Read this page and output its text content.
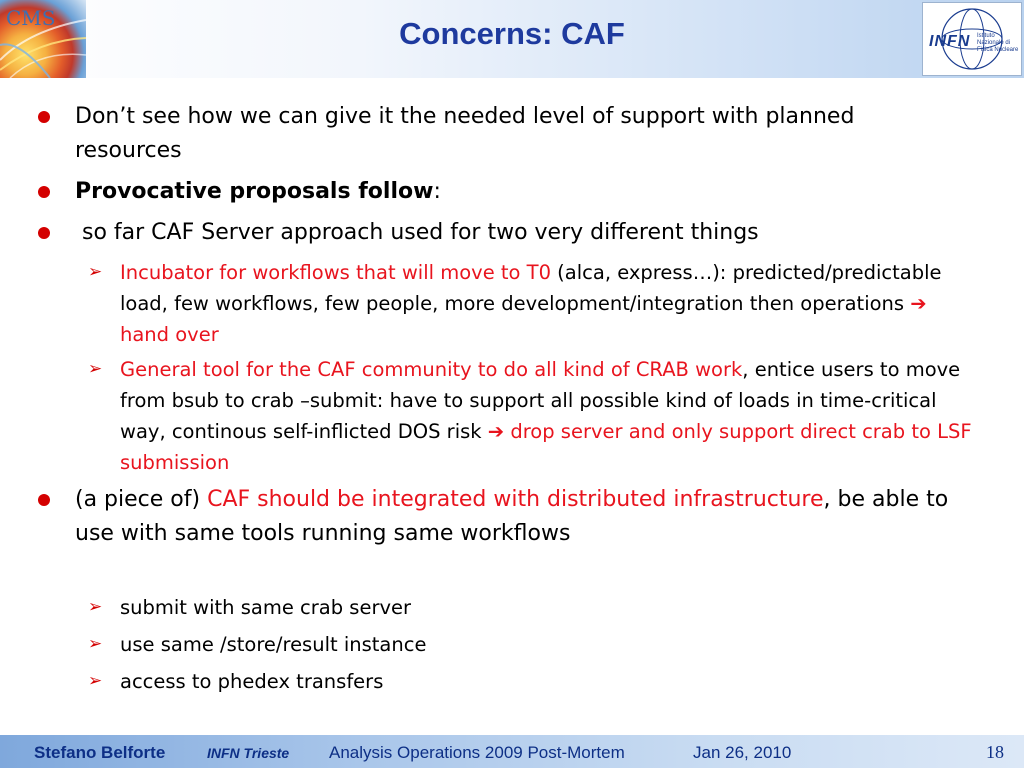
CMS	Concerns: CAF	INFN Istituto Nazionale di Fisica Nucleare
Don’t see how we can give it the needed level of support with planned resources
Provocative proposals follow:
so far CAF Server approach used for two very different things
➢ Incubator for workflows that will move to T0 (alca, express…): predicted/predictable load, few workflows, few people, more development/integration then operations ➔ hand over
➢ General tool for the CAF community to do all kind of CRAB work, entice users to move from bsub to crab –submit: have to support all possible kind of loads in time-critical way, continous self-inflicted DOS risk ➔ drop server and only support direct crab to LSF submission
(a piece of) CAF should be integrated with distributed infrastructure, be able to use with same tools running same workflows
➢ submit with same crab server
➢ use same /store/result instance
➢ access to phedex transfers
Stefano Belforte	INFN Trieste Analysis Operations 2009 Post-Mortem	Jan 26, 2010	18
